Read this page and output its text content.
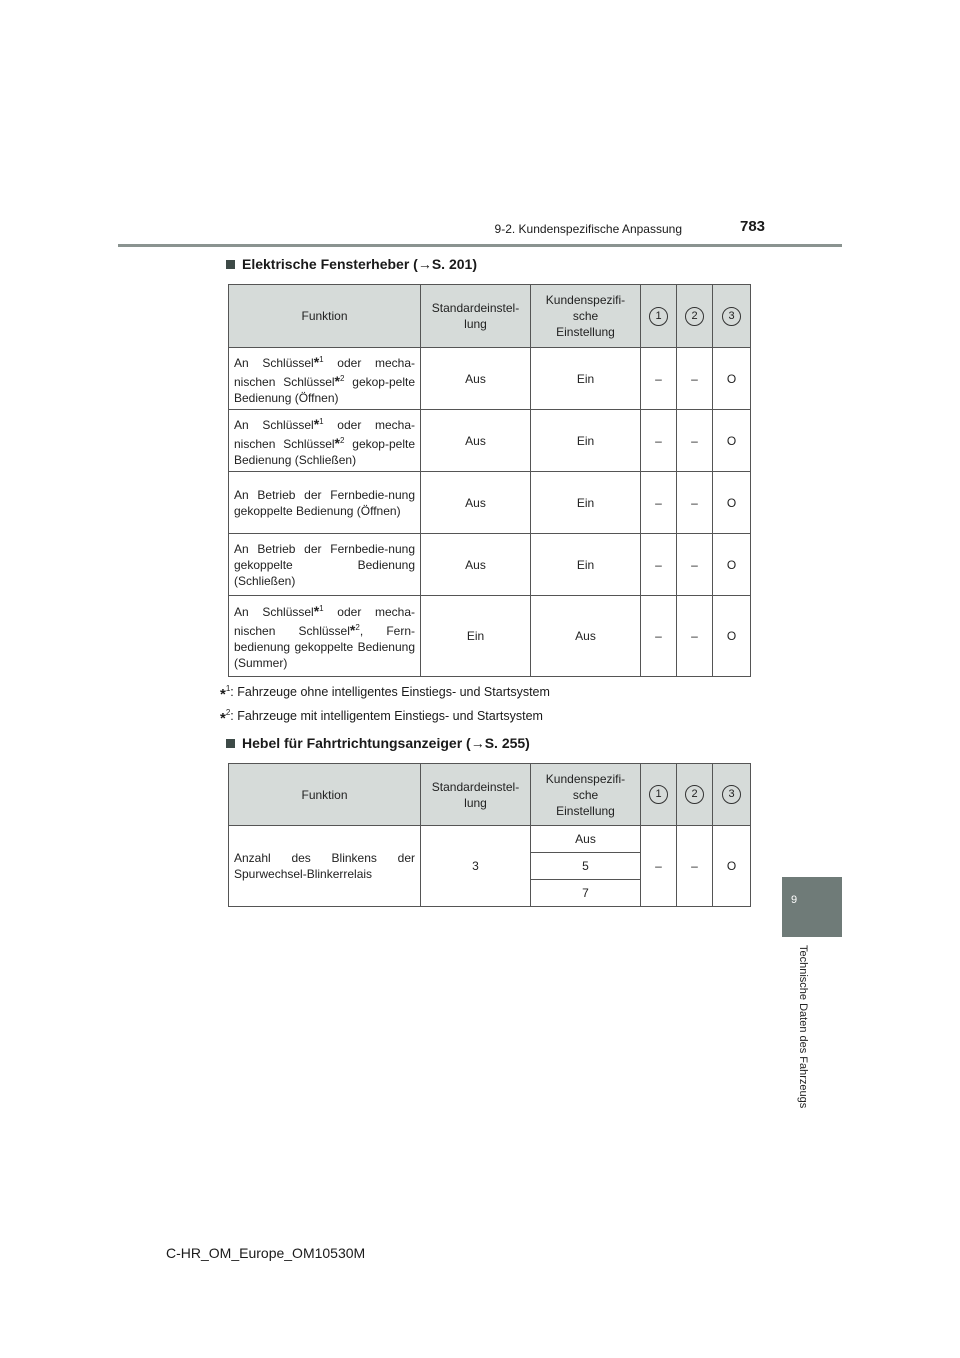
9-2. Kundenspezifische Anpassung	783
9
Technische Daten des Fahrzeugs
Elektrische Fensterheber (→S. 201)
Funktion	Standardeinstel-
lung	Kundenspezifi-
sche
Einstellung	1	2	3
An Schlüssel*$^1$ oder mecha-nischen Schlüssel*$^2$ gekop-pelte Bedienung (Öffnen)	Aus	Ein	–	–	O
An Schlüssel*$^1$ oder mecha-nischen Schlüssel*$^2$ gekop-pelte Bedienung (Schließen)	Aus	Ein	–	–	O
An Betrieb der Fernbedie-nung gekoppelte Bedienung (Öffnen)	Aus	Ein	–	–	O
An Betrieb der Fernbedie-nung gekoppelte Bedienung (Schließen)	Aus	Ein	–	–	O
An Schlüssel*$^1$ oder mecha-nischen Schlüssel*$^2$, Fern-bedienung gekoppelte Bedienung (Summer)	Ein	Aus	–	–	O
*$^1$: Fahrzeuge ohne intelligentes Einstiegs- und Startsystem
*$^2$: Fahrzeuge mit intelligentem Einstiegs- und Startsystem
Hebel für Fahrtrichtungsanzeiger (→S. 255)
Funktion	Standardeinstel-
lung	Kundenspezifi-
sche
Einstellung	1	2	3
Anzahl des Blinkens der Spurwechsel-Blinkerrelais	3	Aus	–	–	O
		5			
		7			
C-HR_OM_Europe_OM10530M
